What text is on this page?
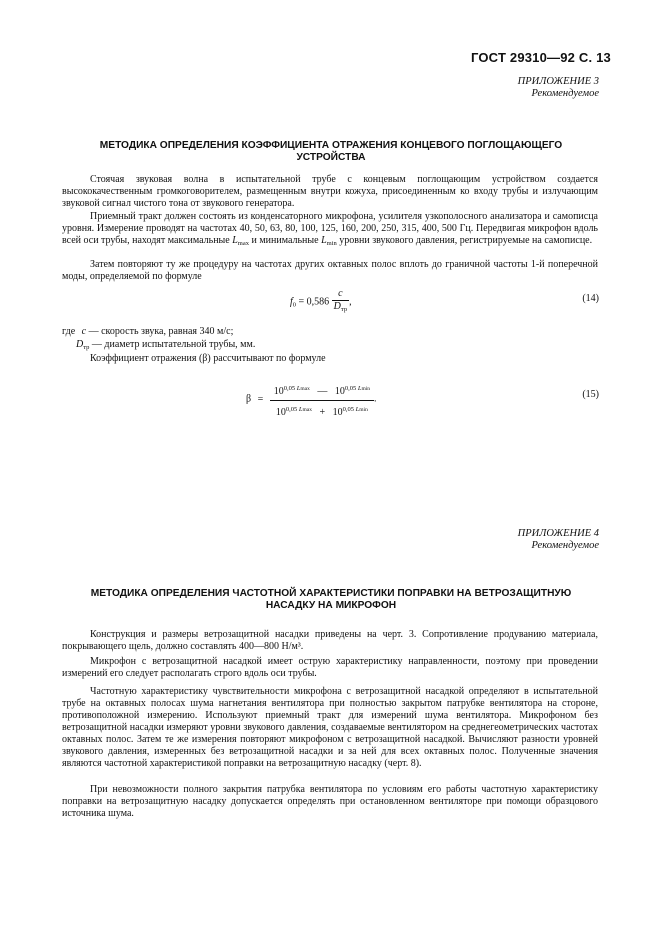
ГОСТ 29310—92 С. 13
ПРИЛОЖЕНИЕ 3
Рекомендуемое
МЕТОДИКА ОПРЕДЕЛЕНИЯ КОЭФФИЦИЕНТА ОТРАЖЕНИЯ КОНЦЕВОГО ПОГЛОЩАЮЩЕГО
УСТРОЙСТВА
Стоячая звуковая волна в испытательной трубе с концевым поглощающим устройством создается высококачественным громкоговорителем, размещенным внутри кожуха, присоединенным ко входу трубы и излучающим звуковой сигнал чистого тона от звукового генератора.
Приемный тракт должен состоять из конденсаторного микрофона, усилителя узкополосного анализатора и самописца уровня. Измерение проводят на частотах 40, 50, 63, 80, 100, 125, 160, 200, 250, 315, 400, 500 Гц. Передвигая микрофон вдоль всей оси трубы, находят максимальные $L_{max}$ и минимальные $L_{min}$ уровни звукового давления, регистрируемые на самописце.
Затем повторяют ту же процедуру на частотах других октавных полос вплоть до граничной частоты 1-й поперечной моды, определяемой по формуле
$f_0 = 0,586 \frac{c}{D_{тр}}$ ,	(14)
где c — скорость звука, равная 340 м/с;
$D_{тр}$ — диаметр испытательной трубы, мм.
Коэффициент отражения (β) рассчитывают по формуле
$\beta = \frac{10^{0,05 Lmax} — 10^{0,05 Lmin}}{10^{0,05 Lmax} + 10^{0,05 Lmin}}$ .	(15)
ПРИЛОЖЕНИЕ 4
Рекомендуемое
МЕТОДИКА ОПРЕДЕЛЕНИЯ ЧАСТОТНОЙ ХАРАКТЕРИСТИКИ ПОПРАВКИ НА ВЕТРОЗАЩИТНУЮ
НАСАДКУ НА МИКРОФОН
Конструкция и размеры ветрозащитной насадки приведены на черт. 3. Сопротивление продуванию материала, покрывающего щель, должно составлять 400—800 Н/м³.
Микрофон с ветрозащитной насадкой имеет острую характеристику направленности, поэтому при проведении измерений его следует располагать строго вдоль оси трубы.
Частотную характеристику чувствительности микрофона с ветрозащитной насадкой определяют в испытательной трубе на октавных полосах шума нагнетания вентилятора при полностью закрытом патрубке вентилятора на стороне, противоположной измерению. Используют приемный тракт для измерений шума вентилятора. Микрофоном без ветрозащитной насадки измеряют уровни звукового давления, создаваемые вентилятором на среднегеометрических частотах октавных полос. Затем те же измерения повторяют микрофоном с ветрозащитной насадкой. Вычисляют разности уровней звукового давления, измеренных без ветрозащитной насадки и за ней для всех октавных полос. Полученные значения являются частотной характеристикой поправки на ветрозащитную насадку (черт. 8).
При невозможности полного закрытия патрубка вентилятора по условиям его работы частотную характеристику поправки на ветрозащитную насадку допускается определять при остановленном вентиляторе при помощи образцового источника шума.
